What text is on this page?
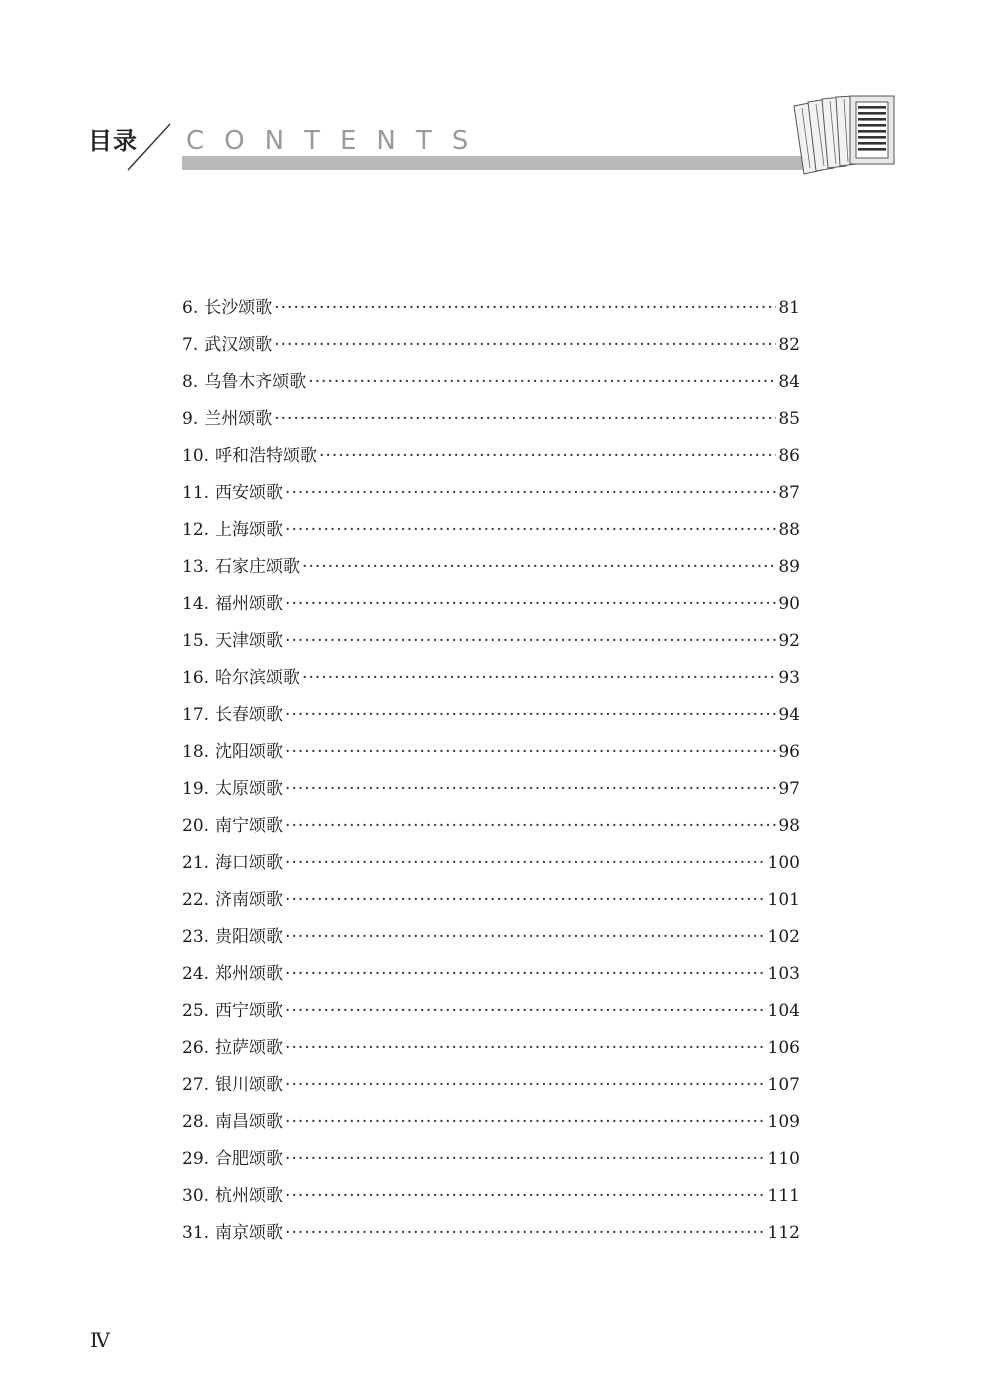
目录 CONTENTS
6. 长沙颂歌 ·····	81
7. 武汉颂歌 ·····	82
8. 乌鲁木齐颂歌 ·····	84
9. 兰州颂歌 ·····	85
10. 呼和浩特颂歌 ·····	86
11. 西安颂歌 ·····	87
12. 上海颂歌 ·····	88
13. 石家庄颂歌 ·····	89
14. 福州颂歌 ·····	90
15. 天津颂歌 ·····	92
16. 哈尔滨颂歌 ·····	93
17. 长春颂歌 ·····	94
18. 沈阳颂歌 ·····	96
19. 太原颂歌 ·····	97
20. 南宁颂歌 ·····	98
21. 海口颂歌 ·····	100
22. 济南颂歌 ·····	101
23. 贵阳颂歌 ·····	102
24. 郑州颂歌 ·····	103
25. 西宁颂歌 ·····	104
26. 拉萨颂歌 ·····	106
27. 银川颂歌 ·····	107
28. 南昌颂歌 ·····	109
29. 合肥颂歌 ·····	110
30. 杭州颂歌 ·····	111
31. 南京颂歌 ·····	112
Ⅳ
